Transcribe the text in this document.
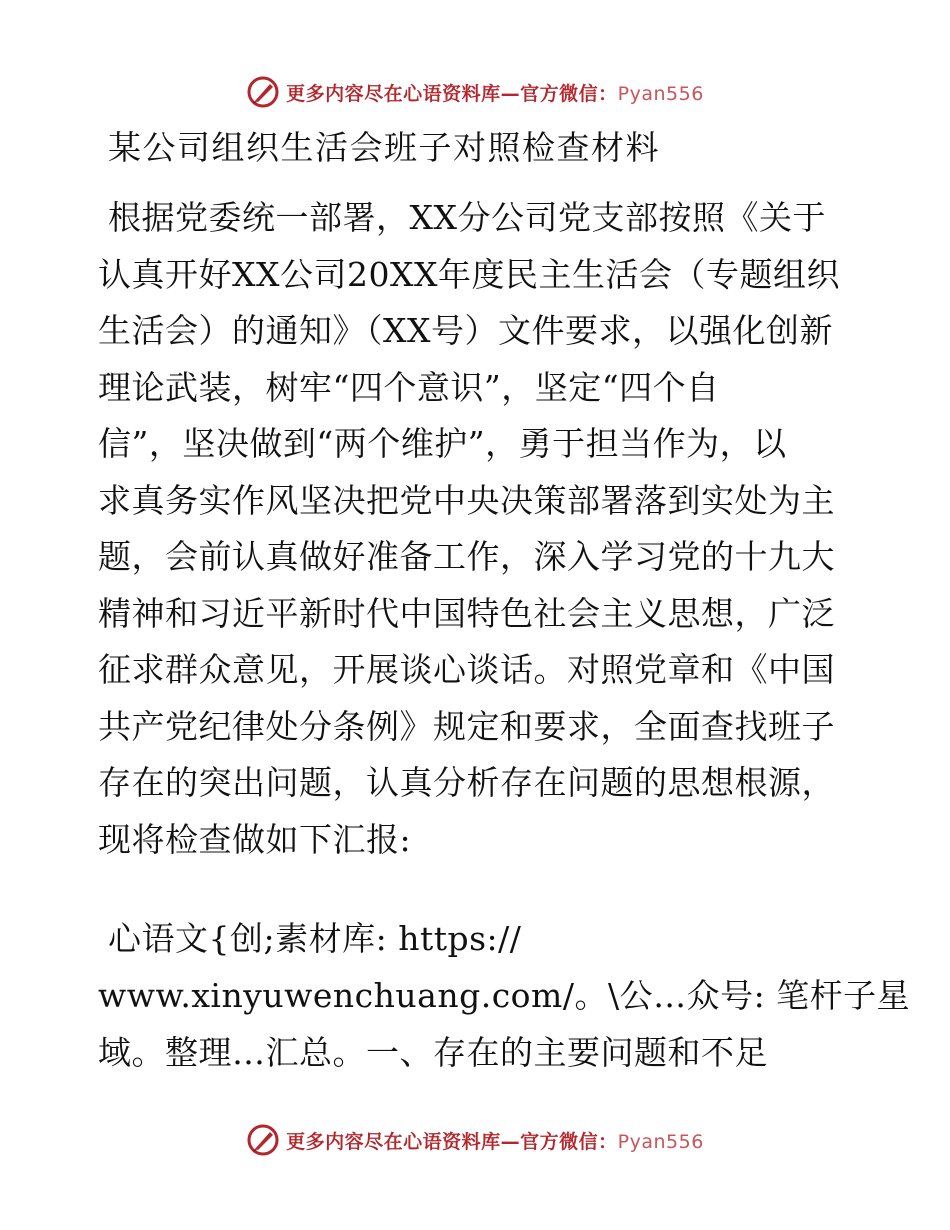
更多内容尽在心语资料库—官方微信：Pyan556
某公司组织生活会班子对照检查材料
根据党委统一部署，XX分公司党支部按照《关于
认真开好XX公司20XX年度民主生活会（专题组织
生活会）的通知》（XX号）文件要求，以强化创新
理论武装，树牢“四个意识”，坚定“四个自
信”，坚决做到“两个维护”，勇于担当作为，以
求真务实作风坚决把党中央决策部署落到实处为主
题，会前认真做好准备工作，深入学习党的十九大
精神和习近平新时代中国特色社会主义思想，广泛
征求群众意见，开展谈心谈话。对照党章和《中国
共产党纪律处分条例》规定和要求，全面查找班子
存在的突出问题，认真分析存在问题的思想根源，
现将检查做如下汇报:
心语文{创;素材库: https://
www.xinyuwenchuang.com/。\公…众号: 笔杆子星
域。整理…汇总。一、存在的主要问题和不足
更多内容尽在心语资料库—官方微信：Pyan556
